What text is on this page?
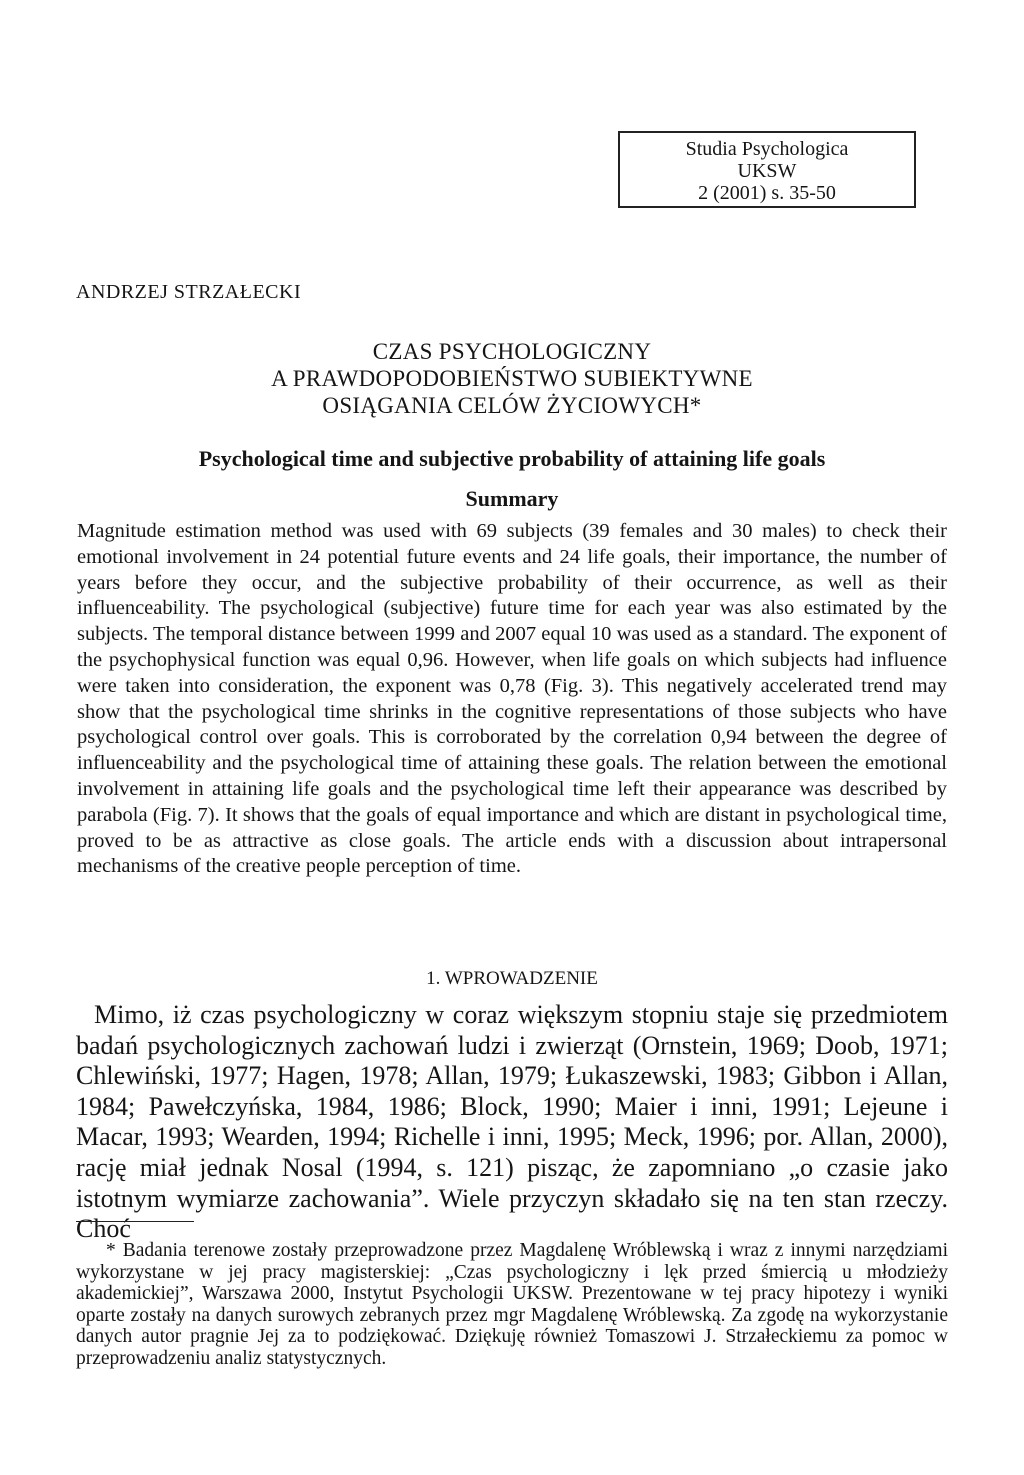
Studia Psychologica
UKSW
2 (2001) s. 35-50
ANDRZEJ STRZAŁECKI
CZAS PSYCHOLOGICZNY
A PRAWDOPODOBIEŃSTWO SUBIEKTYWNE
OSIĄGANIA CELÓW ŻYCIOWYCH*
Psychological time and subjective probability of attaining life goals
Summary

Magnitude estimation method was used with 69 subjects (39 females and 30 males) to check their emotional involvement in 24 potential future events and 24 life goals, their importance, the number of years before they occur, and the subjective probability of their occurrence, as well as their influenceability. The psychological (subjective) future time for each year was also estimated by the subjects. The temporal distance between 1999 and 2007 equal 10 was used as a standard. The exponent of the psychophysical function was equal 0,96. However, when life goals on which subjects had influence were taken into consideration, the exponent was 0,78 (Fig. 3). This negatively accelerated trend may show that the psychological time shrinks in the cognitive representations of those subjects who have psychological control over goals. This is corroborated by the correlation 0,94 between the degree of influenceability and the psychological time of attaining these goals. The relation between the emotional involvement in attaining life goals and the psychological time left their appearance was described by parabola (Fig. 7). It shows that the goals of equal importance and which are distant in psychological time, proved to be as attractive as close goals. The article ends with a discussion about intrapersonal mechanisms of the creative people perception of time.

1. WPROWADZENIE

Mimo, iż czas psychologiczny w coraz większym stopniu staje się przedmiotem badań psychologicznych zachowań ludzi i zwierząt (Ornstein, 1969; Doob, 1971; Chlewiński, 1977; Hagen, 1978; Allan, 1979; Łukaszewski, 1983; Gibbon i Allan, 1984; Pawełczyńska, 1984, 1986; Block, 1990; Maier i inni, 1991; Lejeune i Macar, 1993; Wearden, 1994; Richelle i inni, 1995; Meck, 1996; por. Allan, 2000), rację miał jednak Nosal (1994, s. 121) pisząc, że zapomniano „o czasie jako istotnym wymiarze zachowania”. Wiele przyczyn składało się na ten stan rzeczy. Choć

* Badania terenowe zostały przeprowadzone przez Magdalenę Wróblewską i wraz z innymi narzędziami wykorzystane w jej pracy magisterskiej: „Czas psychologiczny i lęk przed śmiercią u młodzieży akademickiej”, Warszawa 2000, Instytut Psychologii UKSW. Prezentowane w tej pracy hipotezy i wyniki oparte zostały na danych surowych zebranych przez mgr Magdalenę Wróblewską. Za zgodę na wykorzystanie danych autor pragnie Jej za to podziękować. Dziękuję również Tomaszowi J. Strzałeckiemu za pomoc w przeprowadzeniu analiz statystycznych.
